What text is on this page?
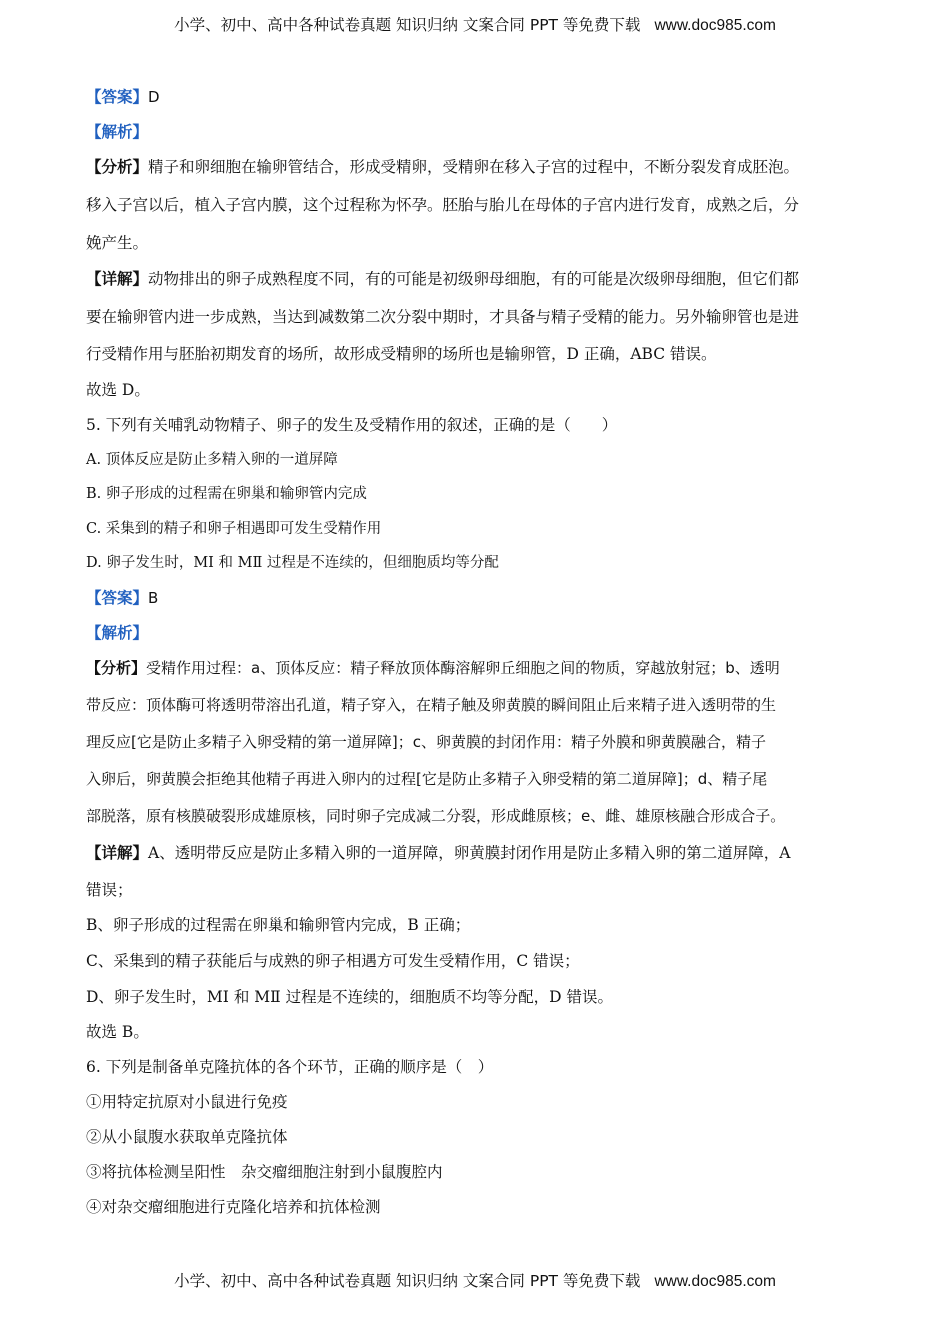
小学、初中、高中各种试卷真题 知识归纳 文案合同 PPT 等免费下载 www.doc985.com

【答案】D

【解析】

【分析】精子和卵细胞在输卵管结合，形成受精卵，受精卵在移入子宫的过程中，不断分裂发育成胚泡。

移入子宫以后，植入子宫内膜，这个过程称为怀孕。胚胎与胎儿在母体的子宫内进行发育，成熟之后，分

娩产生。

【详解】动物排出的卵子成熟程度不同，有的可能是初级卵母细胞，有的可能是次级卵母细胞，但它们都

要在输卵管内进一步成熟，当达到减数第二次分裂中期时，才具备与精子受精的能力。另外输卵管也是进

行受精作用与胚胎初期发育的场所，故形成受精卵的场所也是输卵管，D 正确，ABC 错误。

故选 D。

5. 下列有关哺乳动物精子、卵子的发生及受精作用的叙述，正确的是（　　）

A. 顶体反应是防止多精入卵的一道屏障

B. 卵子形成的过程需在卵巢和输卵管内完成

C. 采集到的精子和卵子相遇即可发生受精作用

D. 卵子发生时，MⅠ 和 MⅡ 过程是不连续的，但细胞质均等分配

【答案】B

【解析】

【分析】受精作用过程：a、顶体反应：精子释放顶体酶溶解卵丘细胞之间的物质，穿越放射冠；b、透明

带反应：顶体酶可将透明带溶出孔道，精子穿入，在精子触及卵黄膜的瞬间阻止后来精子进入透明带的生

理反应[它是防止多精子入卵受精的第一道屏障]；c、卵黄膜的封闭作用：精子外膜和卵黄膜融合，精子

入卵后，卵黄膜会拒绝其他精子再进入卵内的过程[它是防止多精子入卵受精的第二道屏障]；d、精子尾

部脱落，原有核膜破裂形成雄原核，同时卵子完成减二分裂，形成雌原核；e、雌、雄原核融合形成合子。

【详解】A、透明带反应是防止多精入卵的一道屏障，卵黄膜封闭作用是防止多精入卵的第二道屏障，A

错误；

B、卵子形成的过程需在卵巢和输卵管内完成，B 正确；

C、采集到的精子获能后与成熟的卵子相遇方可发生受精作用，C 错误；

D、卵子发生时，MⅠ 和 MⅡ 过程是不连续的，细胞质不均等分配，D 错误。

故选 B。

6. 下列是制备单克隆抗体的各个环节，正确的顺序是（　）

①用特定抗原对小鼠进行免疫

②从小鼠腹水获取单克隆抗体

③将抗体检测呈阳性　杂交瘤细胞注射到小鼠腹腔内

④对杂交瘤细胞进行克隆化培养和抗体检测

小学、初中、高中各种试卷真题 知识归纳 文案合同 PPT 等免费下载 www.doc985.com
